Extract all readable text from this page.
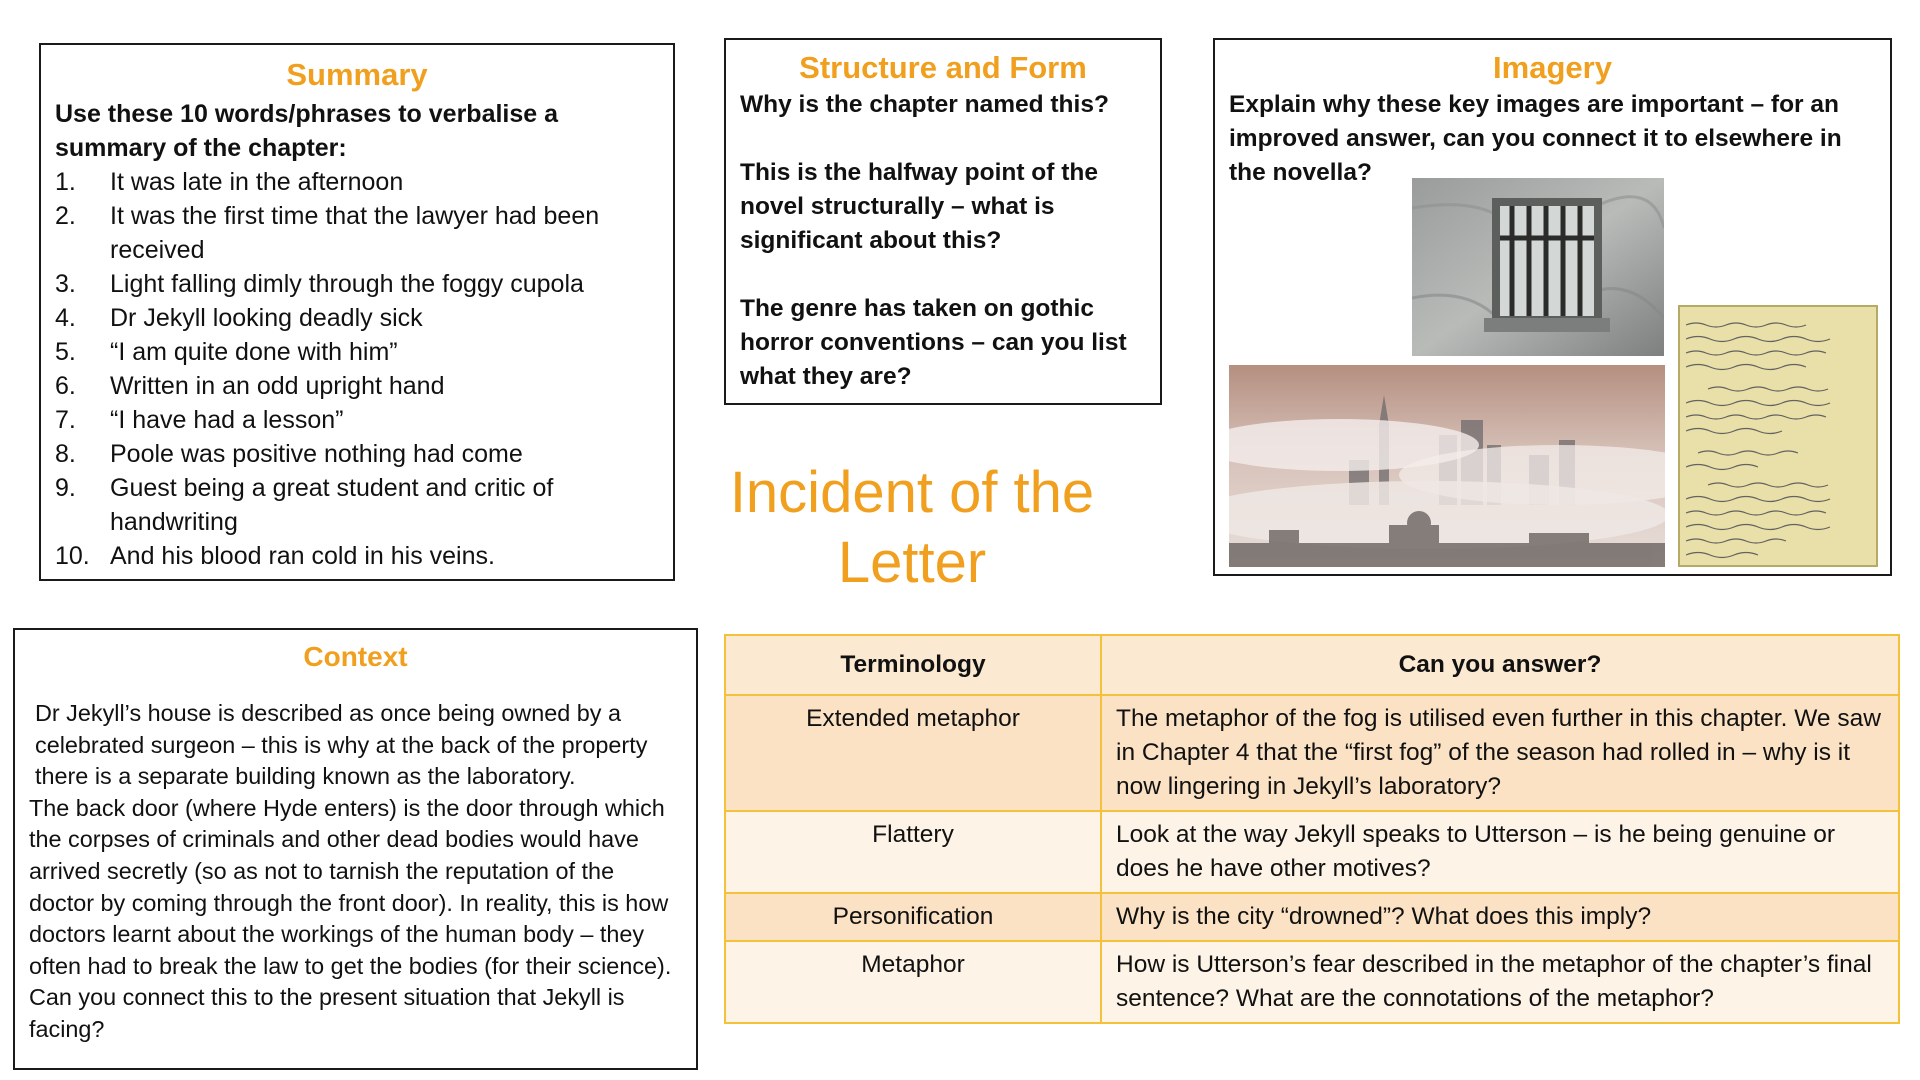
Summary
Use these 10 words/phrases to verbalise a summary of the chapter:
1. It was late in the afternoon
2. It was the first time that the lawyer had been received
3. Light falling dimly through the foggy cupola
4. Dr Jekyll looking deadly sick
5. “I am quite done with him”
6. Written in an odd upright hand
7. “I have had a lesson”
8. Poole was positive nothing had come
9. Guest being a great student and critic of handwriting
10. And his blood ran cold in his veins.
Structure and Form

Why is the chapter named this?

This is the halfway point of the novel structurally – what is significant about this?

The genre has taken on gothic horror conventions – can you list what they are?

Imagery
Explain why these key images are important – for an improved answer, can you connect it to elsewhere in the novella?
Incident of the
Letter
Context
Dr Jekyll’s house is described as once being owned by a celebrated surgeon – this is why at the back of the property there is a separate building known as the laboratory.
The back door (where Hyde enters) is the door through which the corpses of criminals and other dead bodies would have arrived secretly (so as not to tarnish the reputation of the doctor by coming through the front door). In reality, this is how doctors learnt about the workings of the human body – they often had to break the law to get the bodies (for their science). Can you connect this to the present situation that Jekyll is facing?
Terminology	Can you answer?
Extended metaphor	The metaphor of the fog is utilised even further in this chapter. We saw in Chapter 4 that the “first fog” of the season had rolled in – why is it now lingering in Jekyll’s laboratory?
Flattery	Look at the way Jekyll speaks to Utterson – is he being genuine or does he have other motives?
Personification	Why is the city “drowned”? What does this imply?
Metaphor	How is Utterson’s fear described in the metaphor of the chapter’s final sentence? What are the connotations of the metaphor?
